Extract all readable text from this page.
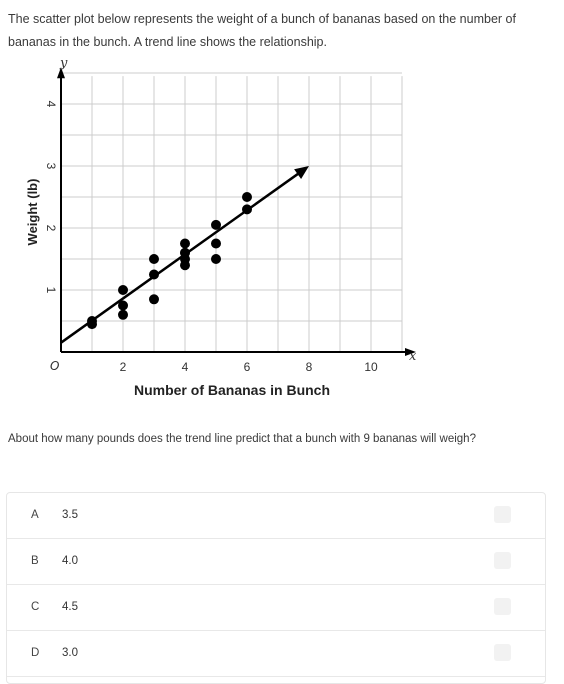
The scatter plot below represents the weight of a bunch of bananas based on the number of bananas in the bunch. A trend line shows the relationship.
2	4	6	8	10
1
2
3
4
Number of Bananas in Bunch
Weight (lb)
x
y
O
About how many pounds does the trend line predict that a bunch with 9 bananas will weigh?
A 3.5
B 4.0
C 4.5
D 3.0
